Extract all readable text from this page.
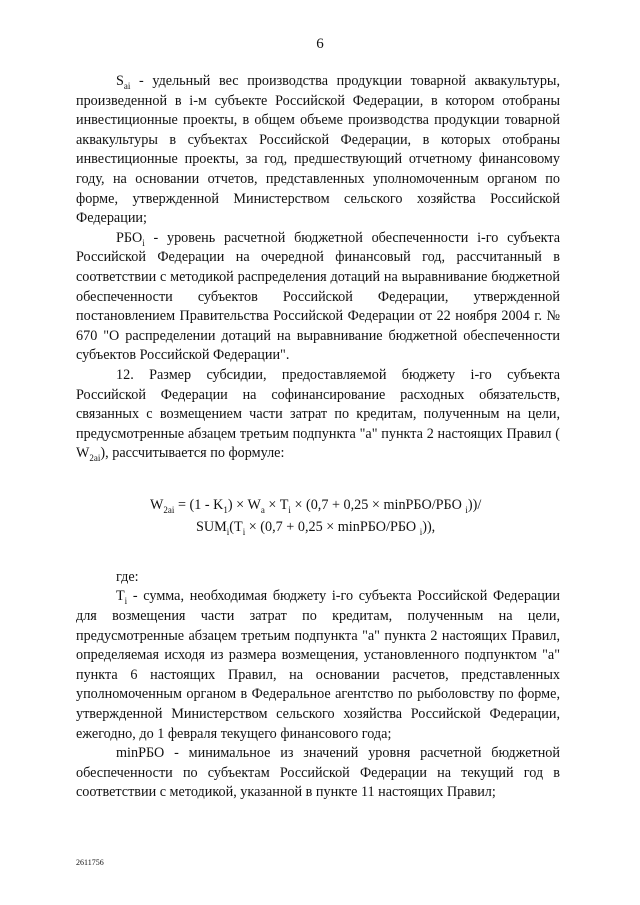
6

$S_{ai}$ - удельный вес производства продукции товарной аквакультуры, произведенной в i-м субъекте Российской Федерации, в котором отобраны инвестиционные проекты, в общем объеме производства продукции товарной аквакультуры в субъектах Российской Федерации, в которых отобраны инвестиционные проекты, за год, предшествующий отчетному финансовому году, на основании отчетов, представленных уполномоченным органом по форме, утвержденной Министерством сельского хозяйства Российской Федерации;

$РБО_i$ - уровень расчетной бюджетной обеспеченности i-го субъекта Российской Федерации на очередной финансовый год, рассчитанный в соответствии с методикой распределения дотаций на выравнивание бюджетной обеспеченности субъектов Российской Федерации, утвержденной постановлением Правительства Российской Федерации от 22 ноября 2004 г. № 670 "О распределении дотаций на выравнивание бюджетной обеспеченности субъектов Российской Федерации".

12. Размер субсидии, предоставляемой бюджету i-го субъекта Российской Федерации на софинансирование расходных обязательств, связанных с возмещением части затрат по кредитам, полученным на цели, предусмотренные абзацем третьим подпункта "а" пункта 2 настоящих Правил ( $W_{2ai}$), рассчитывается по формуле:

$W_{2ai} = (1 - K_1) \times W_a \times T_i \times (0,7 + 0,25 \times \min РБО/РБО$ $_i$))/
$SUM_i(T_i \times (0,7 + 0,25 \times \min РБО/РБО$ $_i$)),

где:

$T_i$ - сумма, необходимая бюджету i-го субъекта Российской Федерации для возмещения части затрат по кредитам, полученным на цели, предусмотренные абзацем третьим подпункта "а" пункта 2 настоящих Правил, определяемая исходя из размера возмещения, установленного подпунктом "а" пункта 6 настоящих Правил, на основании расчетов, представленных уполномоченным органом в Федеральное агентство по рыболовству по форме, утвержденной Министерством сельского хозяйства Российской Федерации, ежегодно, до 1 февраля текущего финансового года;

minРБО - минимальное из значений уровня расчетной бюджетной обеспеченности по субъектам Российской Федерации на текущий год в соответствии с методикой, указанной в пункте 11 настоящих Правил;

2611756
